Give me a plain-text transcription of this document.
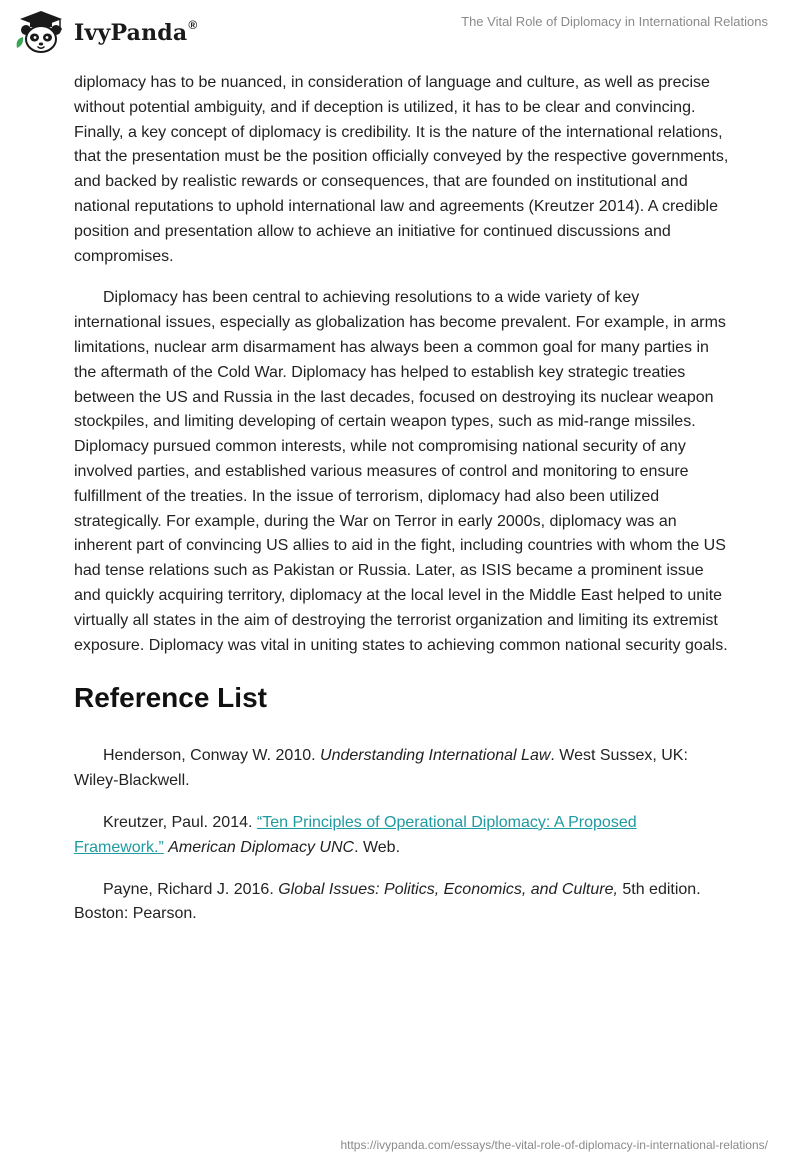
IvyPanda®	The Vital Role of Diplomacy in International Relations

diplomacy has to be nuanced, in consideration of language and culture, as well as precise without potential ambiguity, and if deception is utilized, it has to be clear and convincing. Finally, a key concept of diplomacy is credibility. It is the nature of the international relations, that the presentation must be the position officially conveyed by the respective governments, and backed by realistic rewards or consequences, that are founded on institutional and national reputations to uphold international law and agreements (Kreutzer 2014). A credible position and presentation allow to achieve an initiative for continued discussions and compromises.

Diplomacy has been central to achieving resolutions to a wide variety of key international issues, especially as globalization has become prevalent. For example, in arms limitations, nuclear arm disarmament has always been a common goal for many parties in the aftermath of the Cold War. Diplomacy has helped to establish key strategic treaties between the US and Russia in the last decades, focused on destroying its nuclear weapon stockpiles, and limiting developing of certain weapon types, such as mid-range missiles. Diplomacy pursued common interests, while not compromising national security of any involved parties, and established various measures of control and monitoring to ensure fulfillment of the treaties. In the issue of terrorism, diplomacy had also been utilized strategically. For example, during the War on Terror in early 2000s, diplomacy was an inherent part of convincing US allies to aid in the fight, including countries with whom the US had tense relations such as Pakistan or Russia. Later, as ISIS became a prominent issue and quickly acquiring territory, diplomacy at the local level in the Middle East helped to unite virtually all states in the aim of destroying the terrorist organization and limiting its extremist exposure. Diplomacy was vital in uniting states to achieving common national security goals.

Reference List

Henderson, Conway W. 2010. Understanding International Law. West Sussex, UK: Wiley-Blackwell.

Kreutzer, Paul. 2014. “Ten Principles of Operational Diplomacy: A Proposed Framework.” American Diplomacy UNC. Web.

Payne, Richard J. 2016. Global Issues: Politics, Economics, and Culture, 5th edition. Boston: Pearson.

https://ivypanda.com/essays/the-vital-role-of-diplomacy-in-international-relations/
